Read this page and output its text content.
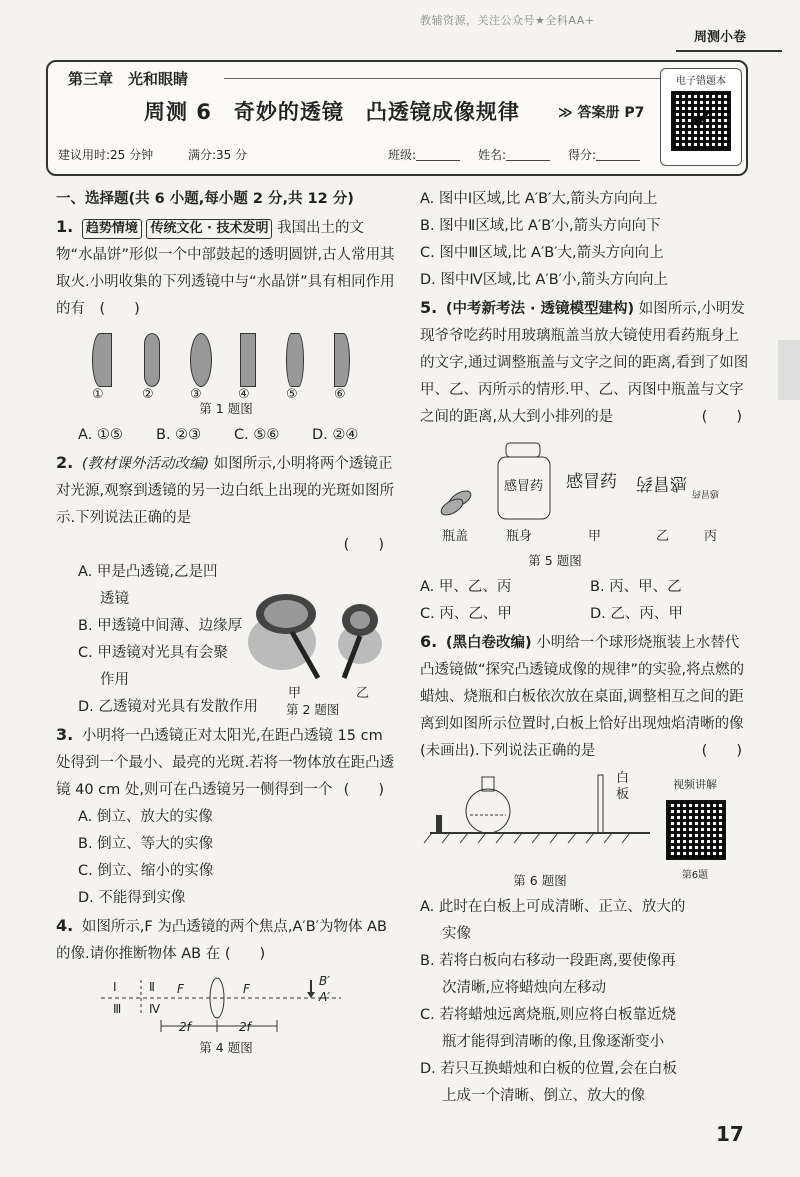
教辅资源，关注公众号★全科AA+
周测小卷
第三章　光和眼睛
周测 6　奇妙的透镜　凸透镜成像规律	≫ 答案册 P7
电子错题本
✔
建议用时:25 分钟	满分:35 分	班级:	姓名:	得分:
一、选择题(共 6 小题,每小题 2 分,共 12 分)
1. 趋势情境 传统文化 · 技术发明 我国出土的文物“水晶饼”形似一个中部鼓起的透明圆饼,古人常用其取火.小明收集的下列透镜中与“水晶饼”具有相同作用的有　(　　)
①	②	③	④	⑤	⑥
第 1 题图
A. ①⑤ B. ②③ C. ⑤⑥ D. ②④
2. (教材课外活动改编) 如图所示,小明将两个透镜正对光源,观察到透镜的另一边白纸上出现的光斑如图所示.下列说法正确的是
(　　)
A. 甲是凸透镜,乙是凹
透镜
B. 甲透镜中间薄、边缘厚
C. 甲透镜对光具有会聚
作用
D. 乙透镜对光具有发散作用
3. 小明将一凸透镜正对太阳光,在距凸透镜 15 cm 处得到一个最小、最亮的光斑.若将一物体放在距凸透镜 40 cm 处,则可在凸透镜另一侧得到一个 (　　)
A. 倒立、放大的实像
B. 倒立、等大的实像
C. 倒立、缩小的实像
D. 不能得到实像
4. 如图所示,F 为凸透镜的两个焦点,A′B′为物体 AB 的像.请你推断物体 AB 在 (　　)
Ⅰ	Ⅱ
Ⅲ Ⅳ
F	F
B′
A′
2f	2f
第 4 题图
甲	乙
第 2 题图
A. 图中Ⅰ区域,比 A′B′大,箭头方向向上
B. 图中Ⅱ区域,比 A′B′小,箭头方向向下
C. 图中Ⅲ区域,比 A′B′大,箭头方向向上
D. 图中Ⅳ区域,比 A′B′小,箭头方向向上
5. (中考新考法 · 透镜模型建构) 如图所示,小明发现爷爷吃药时用玻璃瓶盖当放大镜使用看药瓶身上的文字,通过调整瓶盖与文字之间的距离,看到了如图甲、乙、丙所示的情形.甲、乙、丙图中瓶盖与文字之间的距离,从大到小排列的是	(　　)
感冒药
瓶盖	瓶身
感冒药
甲
感冒药
乙
感冒药
丙
第 5 题图
A. 甲、乙、丙	B. 丙、甲、乙
C. 丙、乙、甲	D. 乙、丙、甲
6. (黑白卷改编) 小明给一个球形烧瓶装上水替代凸透镜做“探究凸透镜成像的规律”的实验,将点燃的蜡烛、烧瓶和白板依次放在桌面,调整相互之间的距离到如图所示位置时,白板上恰好出现烛焰清晰的像(未画出).下列说法正确的是	(　　)
白板
视频讲解
第6题
第 6 题图
A. 此时在白板上可成清晰、正立、放大的
实像
B. 若将白板向右移动一段距离,要使像再
次清晰,应将蜡烛向左移动
C. 若将蜡烛远离烧瓶,则应将白板靠近烧
瓶才能得到清晰的像,且像逐渐变小
D. 若只互换蜡烛和白板的位置,会在白板
上成一个清晰、倒立、放大的像
17
